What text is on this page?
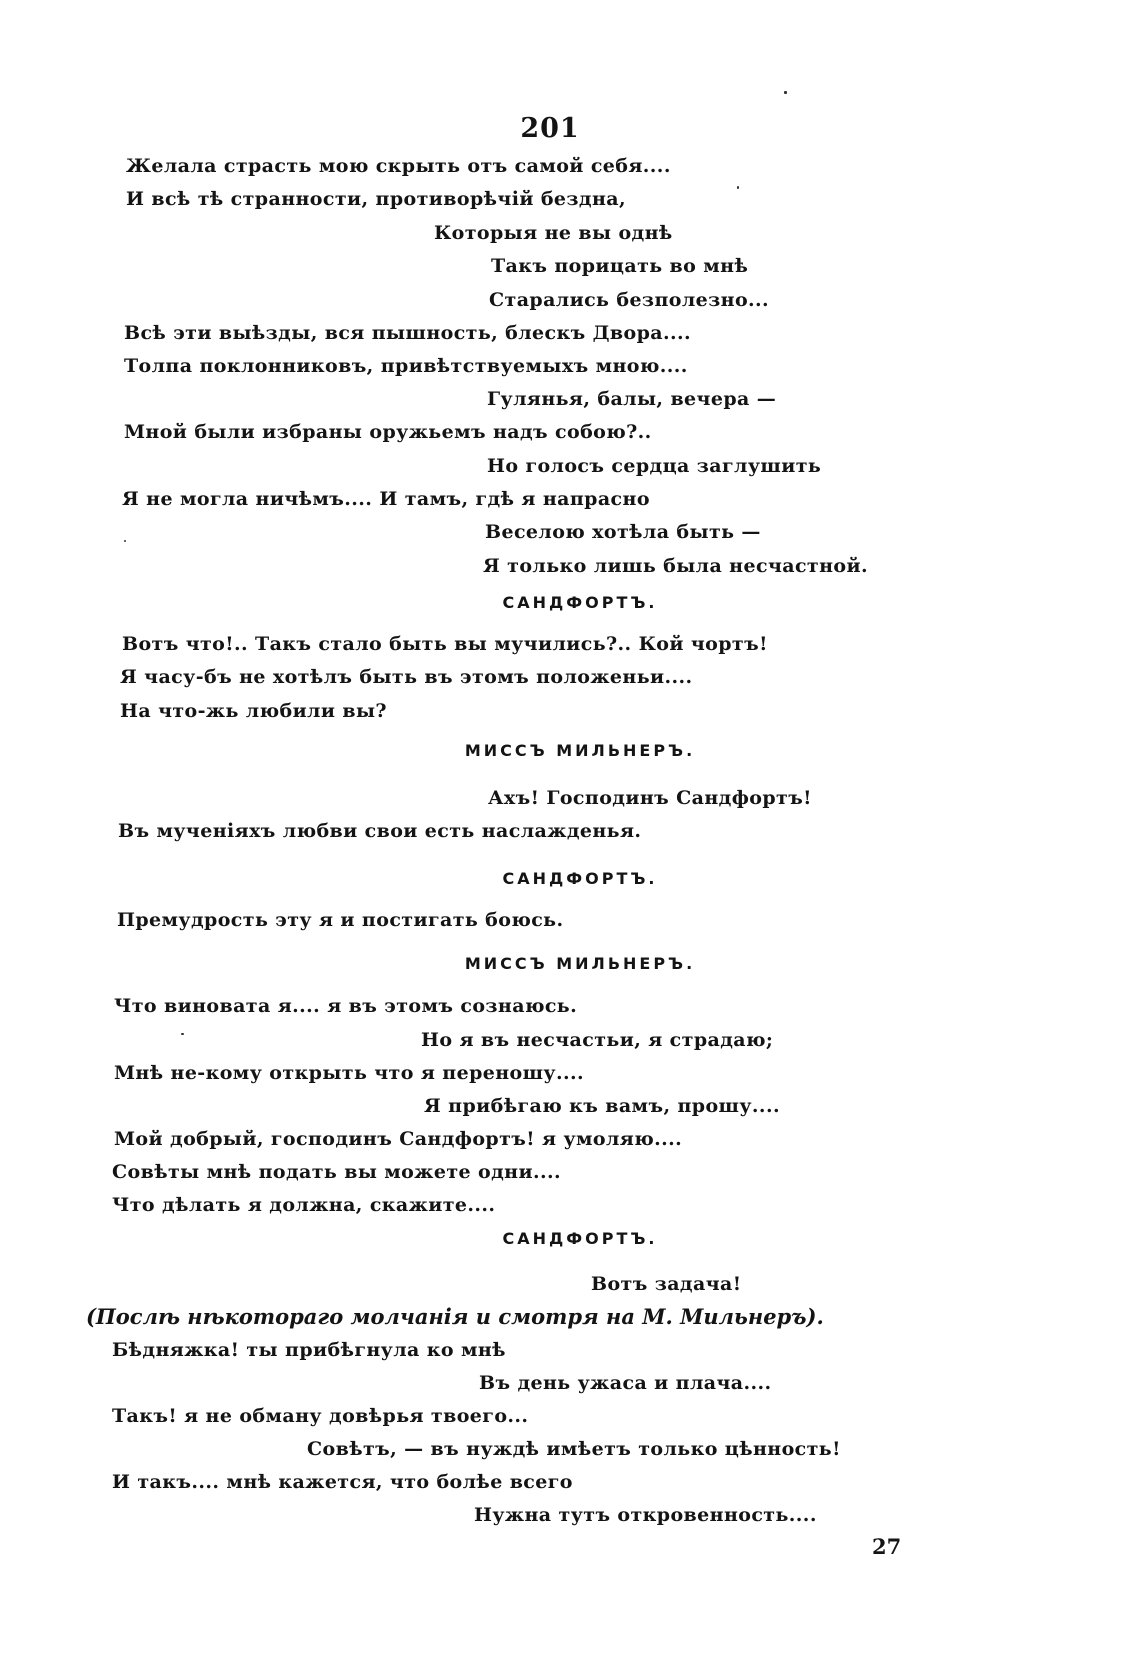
201
Желала страсть мою скрыть отъ самой себя....
И всѣ тѣ странности, противорѣчій бездна,
Которыя не вы однѣ
Такъ порицать во мнѣ
Старались безполезно...
Всѣ эти выѣзды, вся пышность, блескъ Двора....
Толпа поклонниковъ, привѣтствуемыхъ мною....
Гулянья, балы, вечера —
Мной были избраны оружьемъ надъ собою?..
Но голосъ сердца заглушить
Я не могла ничѣмъ.... И тамъ, гдѣ я напрасно
Веселою хотѣла быть —
Я только лишь была несчастной.
САНДФОРТЪ.
Вотъ что!.. Такъ стало быть вы мучились?.. Кой чортъ!
Я часу-бъ не хотѣлъ быть въ этомъ положеньи....
На что-жь любили вы?
МИССЪ МИЛЬНЕРЪ.
Ахъ! Господинъ Сандфортъ!
Въ мученіяхъ любви свои есть наслажденья.
САНДФОРТЪ.
Премудрость эту я и постигать боюсь.
МИССЪ МИЛЬНЕРЪ.
Что виновата я.... я въ этомъ сознаюсь.
Но я въ несчастьи, я страдаю;
Мнѣ не-кому открыть что я переношу....
Я прибѣгаю къ вамъ, прошу....
Мой добрый, господинъ Сандфортъ! я умоляю....
Совѣты мнѣ подать вы можете одни....
Что дѣлать я должна, скажите....
САНДФОРТЪ.
Вотъ задача!
(Послѣ нѣкотораго молчанія и смотря на М. Мильнеръ).
Бѣдняжка! ты прибѣгнула ко мнѣ
Въ день ужаса и плача....
Такъ! я не обману довѣрья твоего...
Совѣтъ, — въ нуждѣ имѣетъ только цѣнность!
И такъ.... мнѣ кажется, что болѣе всего
Нужна тутъ откровенность....
27
